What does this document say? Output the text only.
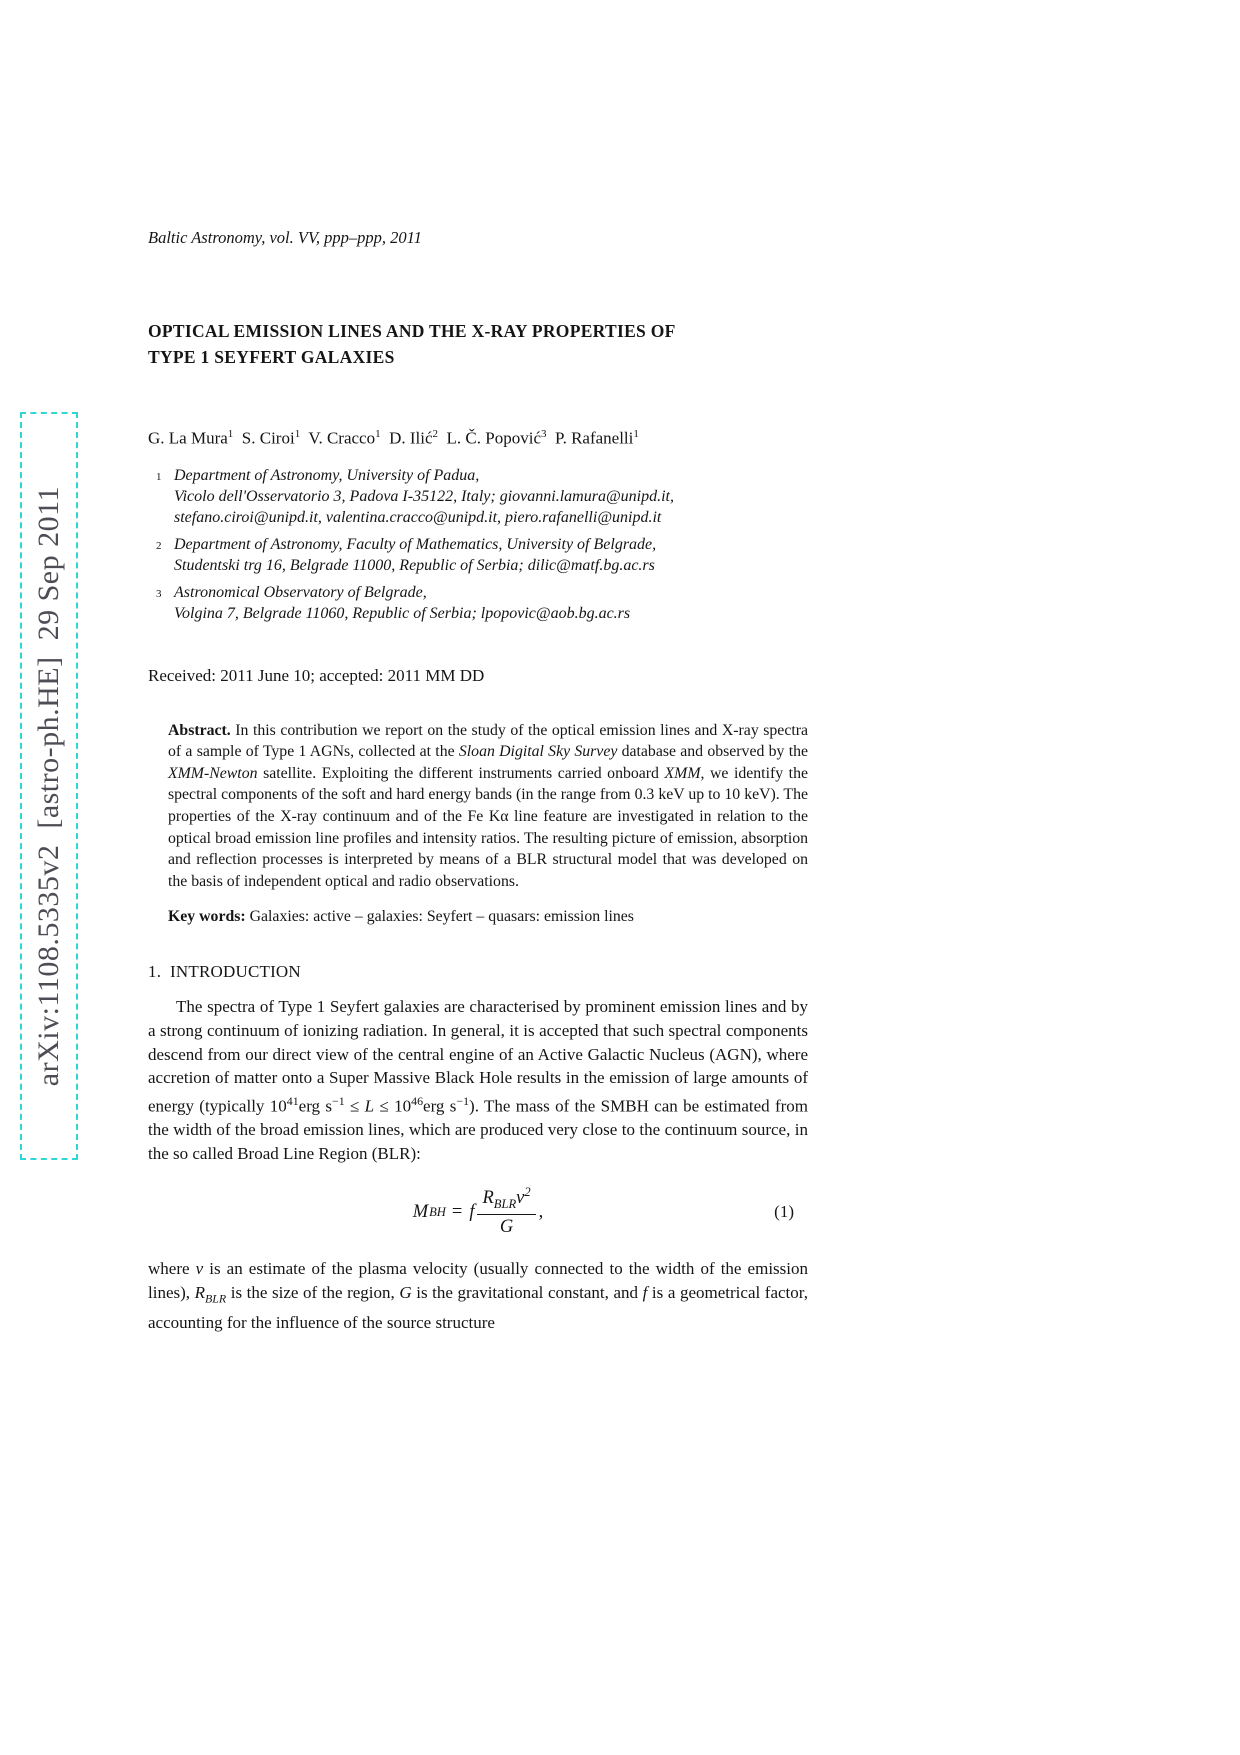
arXiv:1108.5335v2  [astro-ph.HE]  29 Sep 2011
Baltic Astronomy, vol. VV, ppp–ppp, 2011
OPTICAL EMISSION LINES AND THE X-RAY PROPERTIES OF
TYPE 1 SEYFERT GALAXIES
G. La Mura$^1$  S. Ciroi$^1$  V. Cracco$^1$  D. Ilić$^2$  L. Č. Popović$^3$  P. Rafanelli$^1$
1 Department of Astronomy, University of Padua,
Vicolo dell'Osservatorio 3, Padova I-35122, Italy; giovanni.lamura@unipd.it,
stefano.ciroi@unipd.it, valentina.cracco@unipd.it, piero.rafanelli@unipd.it
2 Department of Astronomy, Faculty of Mathematics, University of Belgrade,
Studentski trg 16, Belgrade 11000, Republic of Serbia; dilic@matf.bg.ac.rs
3 Astronomical Observatory of Belgrade,
Volgina 7, Belgrade 11060, Republic of Serbia; lpopovic@aob.bg.ac.rs
Received: 2011 June 10; accepted: 2011 MM DD
Abstract. In this contribution we report on the study of the optical emission lines and X-ray spectra of a sample of Type 1 AGNs, collected at the Sloan Digital Sky Survey database and observed by the XMM-Newton satellite. Exploiting the different instruments carried onboard XMM, we identify the spectral components of the soft and hard energy bands (in the range from 0.3 keV up to 10 keV). The properties of the X-ray continuum and of the Fe Kα line feature are investigated in relation to the optical broad emission line profiles and intensity ratios. The resulting picture of emission, absorption and reflection processes is interpreted by means of a BLR structural model that was developed on the basis of independent optical and radio observations.
Key words: Galaxies: active – galaxies: Seyfert – quasars: emission lines
1.  INTRODUCTION
The spectra of Type 1 Seyfert galaxies are characterised by prominent emission lines and by a strong continuum of ionizing radiation. In general, it is accepted that such spectral components descend from our direct view of the central engine of an Active Galactic Nucleus (AGN), where accretion of matter onto a Super Massive Black Hole results in the emission of large amounts of energy (typically $10^{41}erg$ $s^{-1} \le L \le 10^{46}erg$ $s^{-1}$). The mass of the SMBH can be estimated from the width of the broad emission lines, which are produced very close to the continuum source, in the so called Broad Line Region (BLR):
M BH = f $\frac{R_{BLR}v^2}{G}$ ,	(1)
where v is an estimate of the plasma velocity (usually connected to the width of the emission lines), $R_{BLR}$ is the size of the region, G is the gravitational constant, and f is a geometrical factor, accounting for the influence of the source structure
